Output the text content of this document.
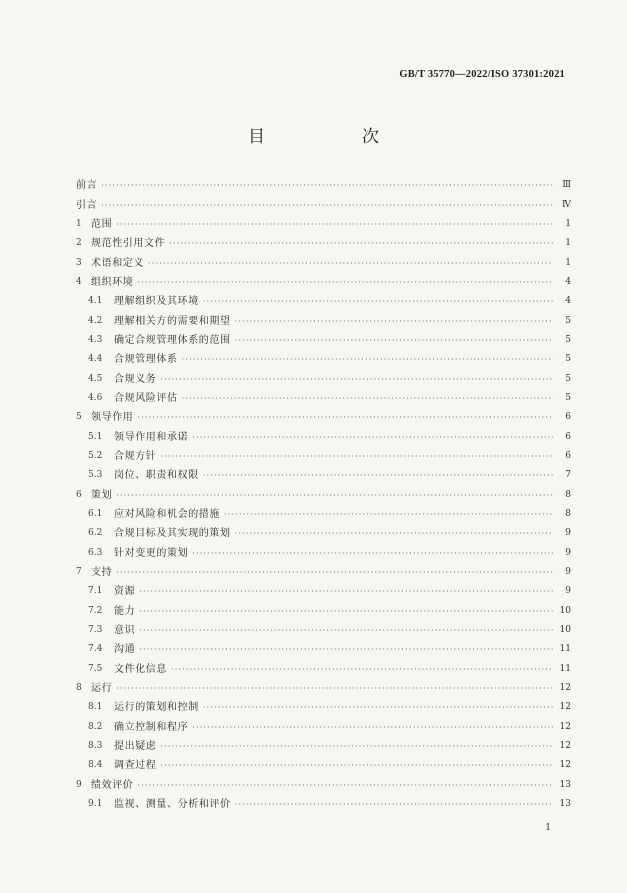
GB/T 35770—2022/ISO 37301:2021
目　次
前言 ·····	Ⅲ
引言 ·····	Ⅳ
1 范围 ·····	1
2 规范性引用文件 ·····	1
3 术语和定义 ·····	1
4 组织环境 ·····	4
4.1	理解组织及其环境 ·····	4
4.2	理解相关方的需要和期望 ·····	5
4.3	确定合规管理体系的范围 ·····	5
4.4	合规管理体系 ·····	5
4.5	合规义务 ·····	5
4.6	合规风险评估 ·····	5
5 领导作用 ·····	6
5.1	领导作用和承诺 ·····	6
5.2	合规方针 ·····	6
5.3	岗位、职责和权限 ·····	7
6 策划 ·····	8
6.1	应对风险和机会的措施 ·····	8
6.2	合规目标及其实现的策划 ·····	9
6.3	针对变更的策划 ·····	9
7 支持 ·····	9
7.1	资源 ·····	9
7.2	能力 ·····	10
7.3	意识 ·····	10
7.4	沟通 ·····	11
7.5	文件化信息 ·····	11
8 运行 ·····	12
8.1	运行的策划和控制 ·····	12
8.2	确立控制和程序 ·····	12
8.3	提出疑虑 ·····	12
8.4	调查过程 ·····	12
9 绩效评价 ·····	13
9.1	监视、测量、分析和评价 ·····	13
1
